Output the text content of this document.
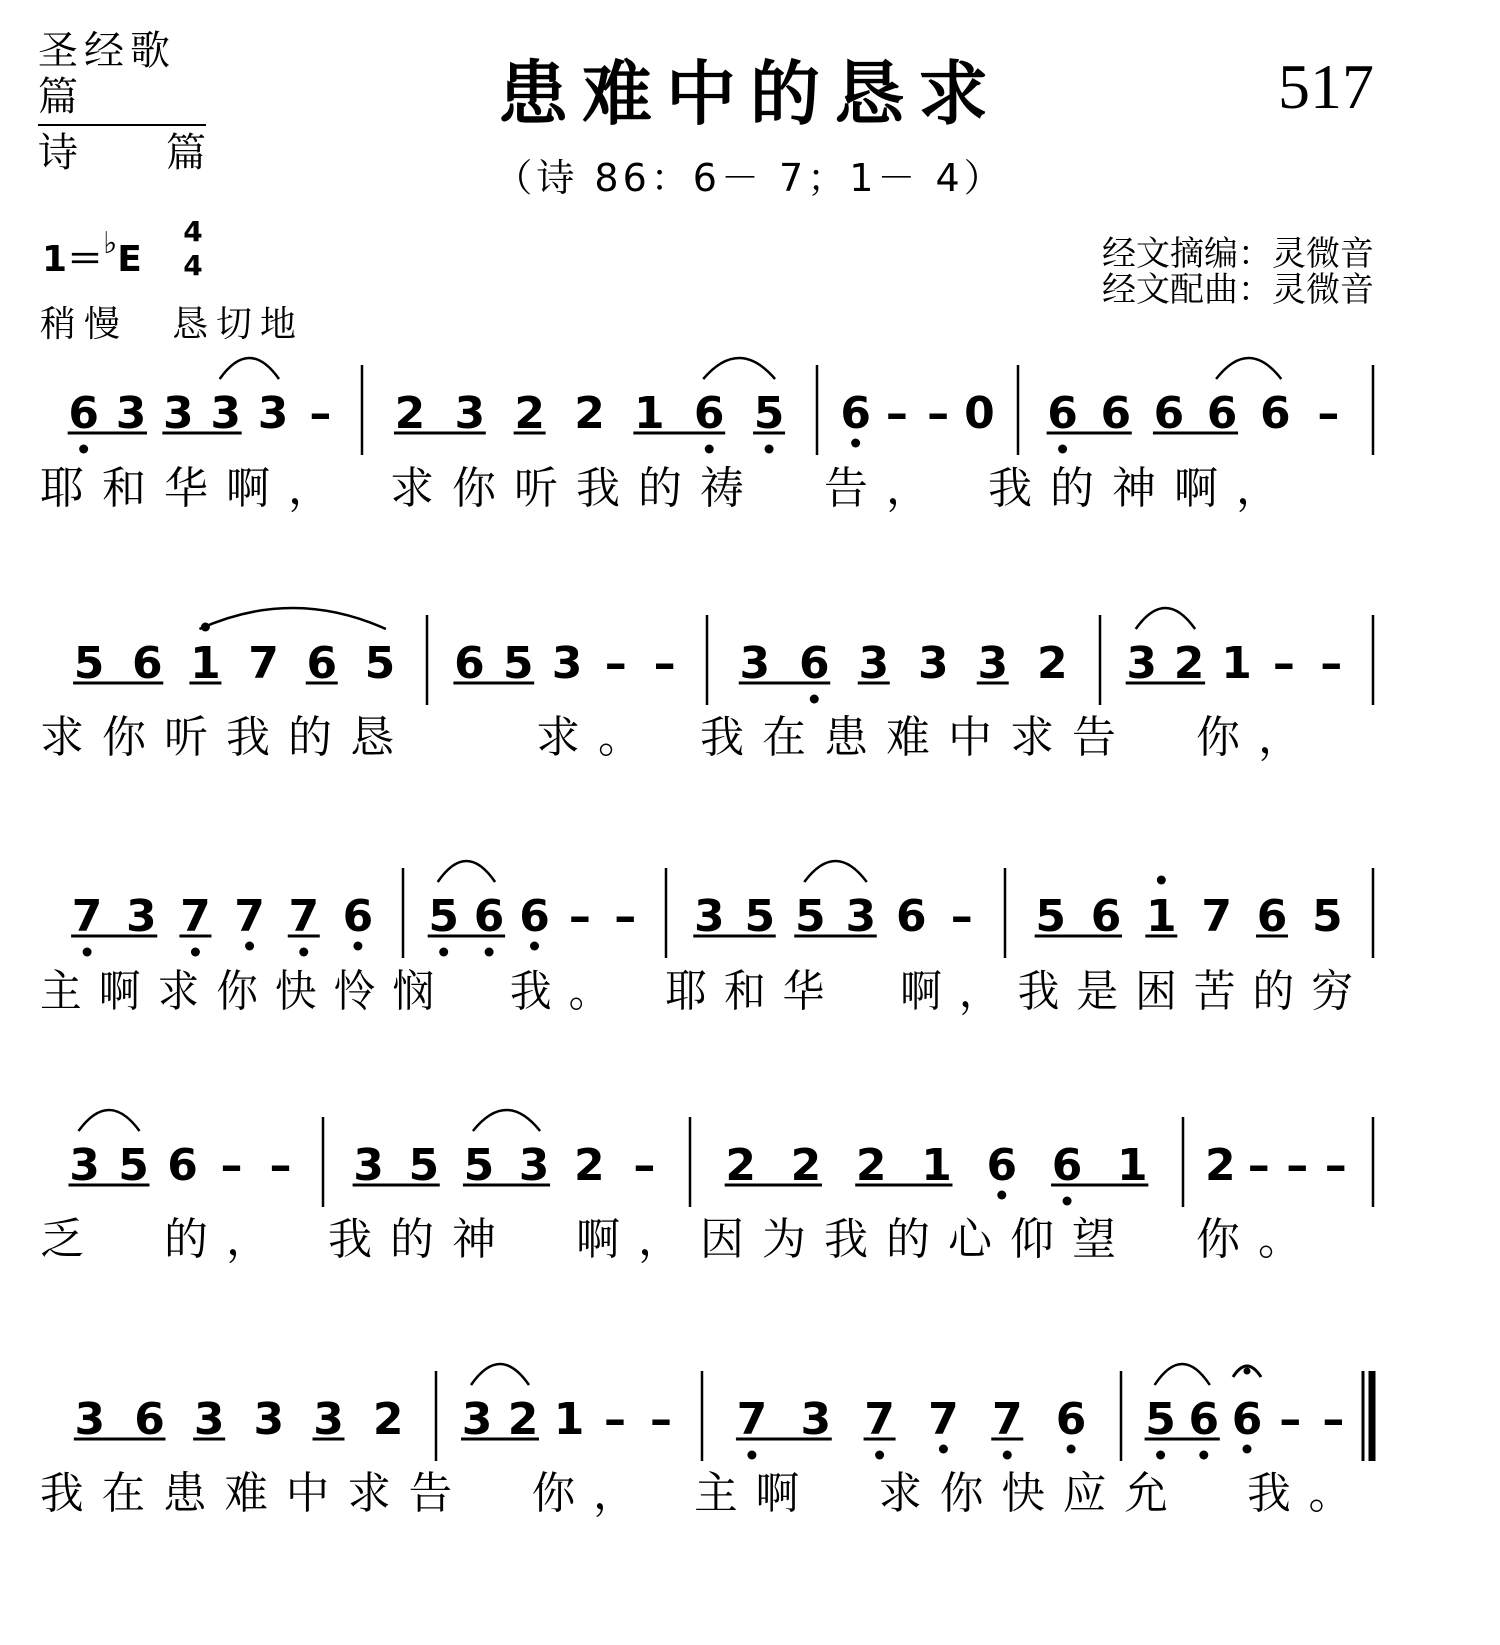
圣经歌篇
诗 篇
患难中的恳求	517
（诗 86：6－ 7；1－ 4）
1＝♭E
4
4
稍慢　恳切地
经文摘编：灵微音
经文配曲：灵微音
6 3 3 3 3 – 2 3 2 2 1 6 5 6 – – 0 6 6 6 6 6 –
耶和华啊，　求你听我的祷　告，　我的神啊，
5 6 1 7 6 5 6 5 3 – – 3 6 3 3 3 2 3 2 1 – –
求你听我的恳　　求。　我在患难中求告　你，
7 3 7 7 7 6 5 6 6 – – 3 5 5 3 6 – 5 6 1 7 6 5
主啊求你快怜悯　我。　耶和华　啊，我是困苦的穷
3 5 6 – – 3 5 5 3 2 – 2 2 2 1 6 6 1 2 – – –
乏　的，　我的神　啊，因为我的心仰望　你。
3 6 3 3 3 2 3 2 1 – – 7 3 7 7 7 6 5 6 6 – –
我在患难中求告　你，　主啊　求你快应允　我。
